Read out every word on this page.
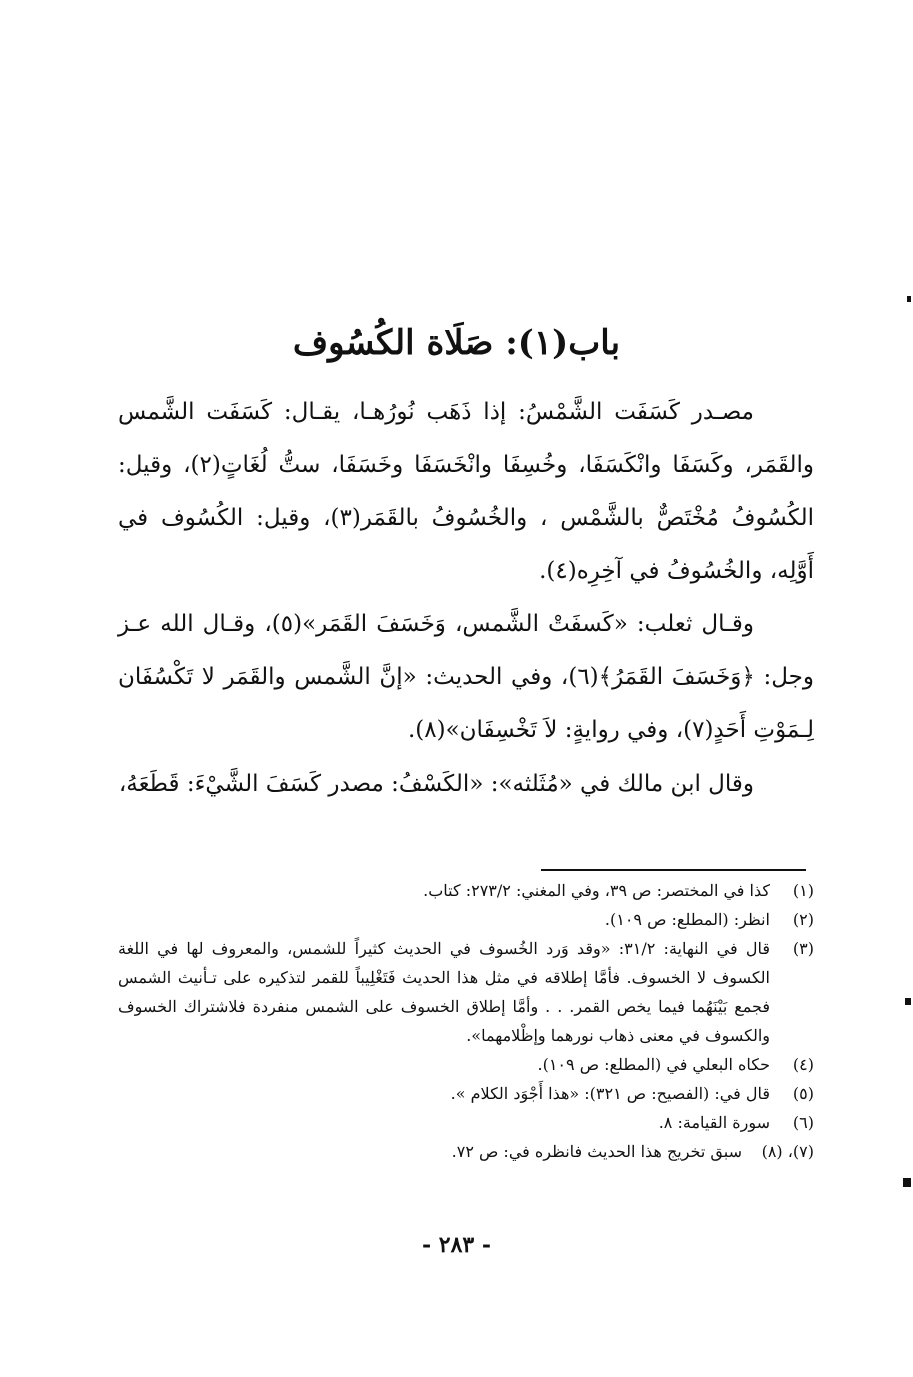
باب(١): صَلَاة الكُسُوف
مصـدر كَسَفَت الشَّمْسُ: إذا ذَهَب نُورُهـا، يقـال: كَسَفَت الشَّمس والقَمَر، وكَسَفَا وانْكَسَفَا، وخُسِفَا وانْخَسَفَا وخَسَفَا، ستُّ لُغَاتٍ(٢)، وقيل: الكُسُوفُ مُخْتَصٌّ بالشَّمْس ، والخُسُوفُ بالقَمَر(٣)، وقيل: الكُسُوف في أَوَّلِه، والخُسُوفُ في آخِرِه(٤).
وقـال ثعلب: «كَسفَتْ الشَّمس، وَخَسَفَ القَمَر»(٥)، وقـال الله عـز وجل: ﴿وَخَسَفَ القَمَرُ﴾(٦)، وفي الحديث: «إنَّ الشَّمس والقَمَر لا تَكْسُفَان لِـمَوْتِ أَحَدٍ(٧)، وفي روايةٍ: لاَ تَخْسِفَان»(٨).
وقال ابن مالك في «مُثَلثه»: «الكَسْفُ: مصدر كَسَفَ الشَّيْءَ: قَطَعَهُ،
(١)
كذا في المختصر: ص ٣٩، وفي المغني: ٢٧٣/٢: كتاب.
(٢)
انظر: (المطلع: ص ١٠٩).
(٣)
قال في النهاية: ٣١/٢: «وقد وَرد الخُسوف في الحديث كثيراً للشمس، والمعروف لها في اللغة الكسوف لا الخسوف. فأمَّا إطلاقه في مثل هذا الحديث فَتَغْلِيباً للقمر لتذكيره على تـأنيث الشمس فجمع بَيْنَهُما فيما يخص القمر. . . وأمَّا إطلاق الخسوف على الشمس منفردة فلاشتراك الخسوف والكسوف في معنى ذهاب نورهما وإظْلامهما».
(٤)
حكاه البعلي في (المطلع: ص ١٠٩).
(٥)
قال في: (الفصيح: ص ٣٢١): «هذا أَجْوَد الكلام ».
(٦)
سورة القيامة: ٨.
(٧)، (٨)
سبق تخريج هذا الحديث فانظره في: ص ٧٢.
- ٢٨٣ -
